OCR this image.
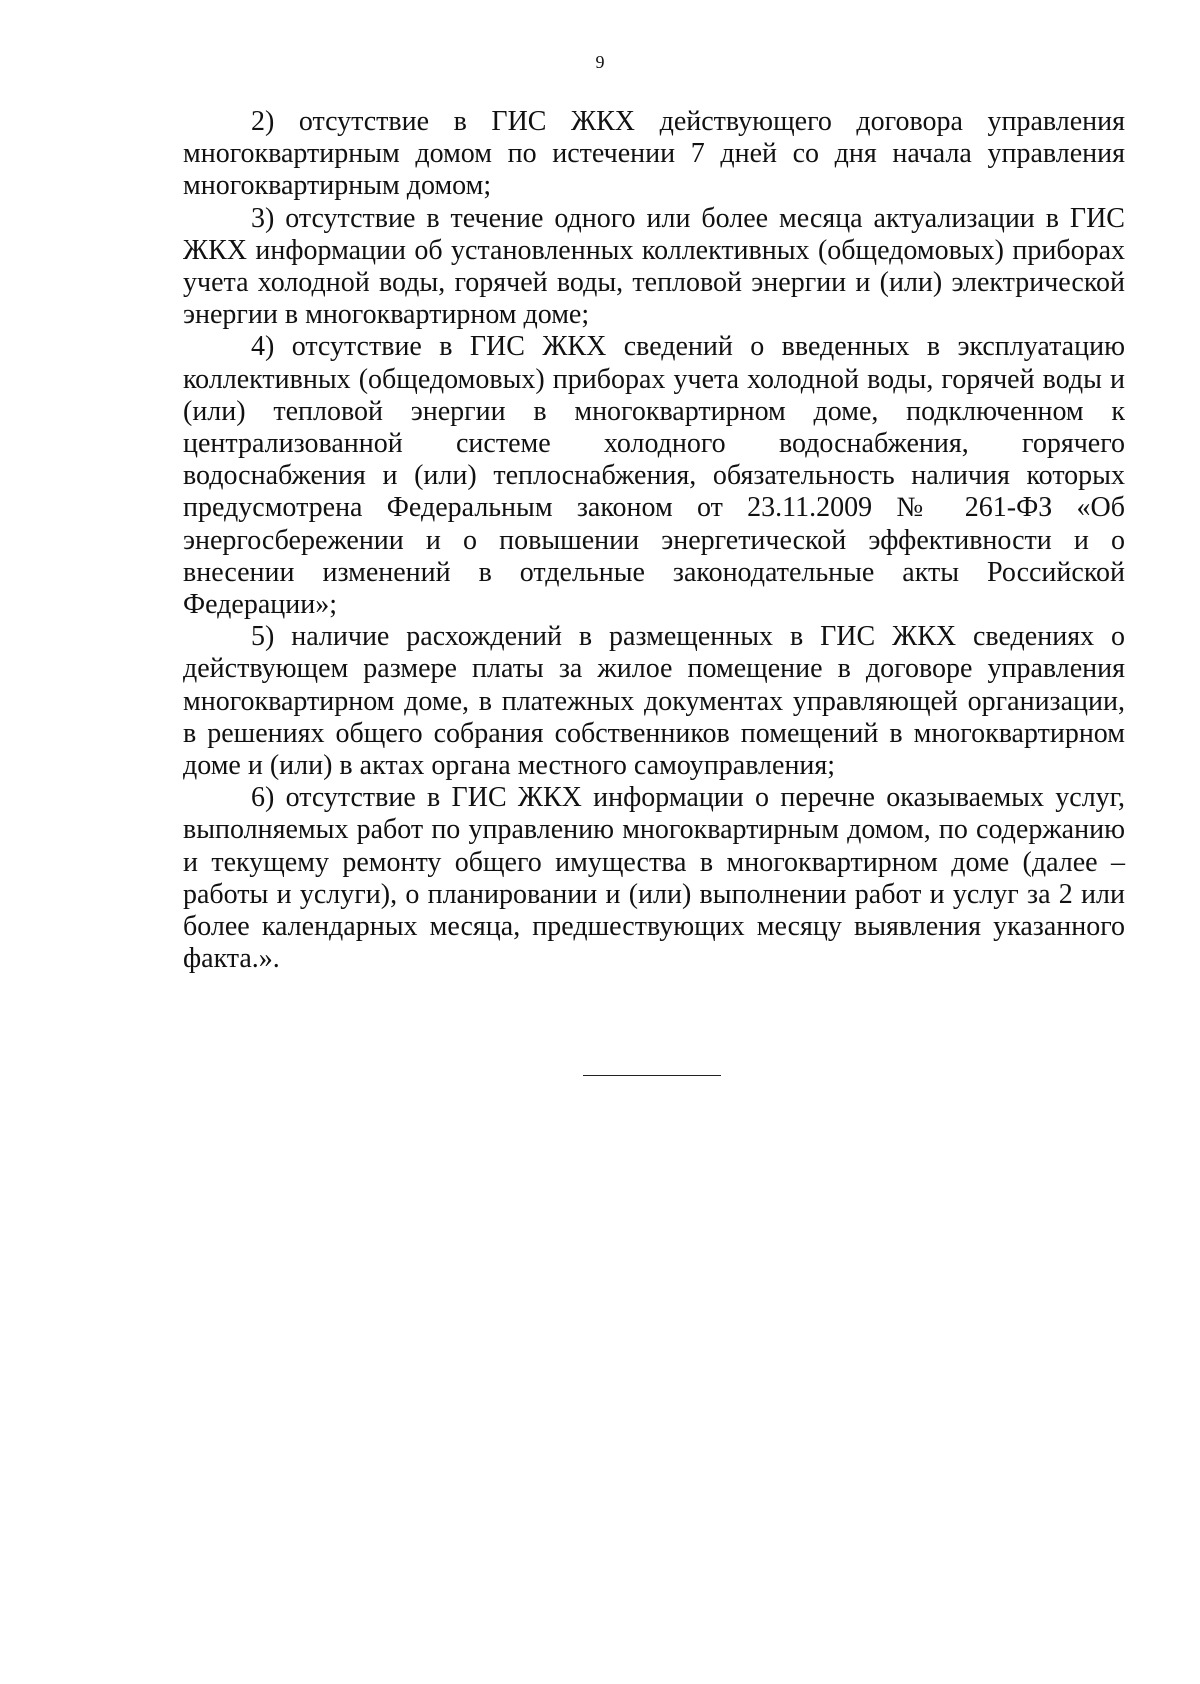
9

2) отсутствие в ГИС ЖКХ действующего договора управления многоквартирным домом по истечении 7 дней со дня начала управления многоквартирным домом;

3) отсутствие в течение одного или более месяца актуализации в ГИС ЖКХ информации об установленных коллективных (общедомовых) приборах учета холодной воды, горячей воды, тепловой энергии и (или) электрической энергии в многоквартирном доме;

4) отсутствие в ГИС ЖКХ сведений о введенных в эксплуатацию коллективных (общедомовых) приборах учета холодной воды, горячей воды и (или) тепловой энергии в многоквартирном доме, подключенном к централизованной системе холодного водоснабжения, горячего водоснабжения и (или) теплоснабжения, обязательность наличия которых предусмотрена Федеральным законом от 23.11.2009 № 261-ФЗ «Об энергосбережении и о повышении энергетической эффективности и о внесении изменений в отдельные законодательные акты Российской Федерации»;

5) наличие расхождений в размещенных в ГИС ЖКХ сведениях о действующем размере платы за жилое помещение в договоре управления многоквартирном доме, в платежных документах управляющей организации, в решениях общего собрания собственников помещений в многоквартирном доме и (или) в актах органа местного самоуправления;

6) отсутствие в ГИС ЖКХ информации о перечне оказываемых услуг, выполняемых работ по управлению многоквартирным домом, по содержанию и текущему ремонту общего имущества в многоквартирном доме (далее – работы и услуги), о планировании и (или) выполнении работ и услуг за 2 или более календарных месяца, предшествующих месяцу выявления указанного факта.».
